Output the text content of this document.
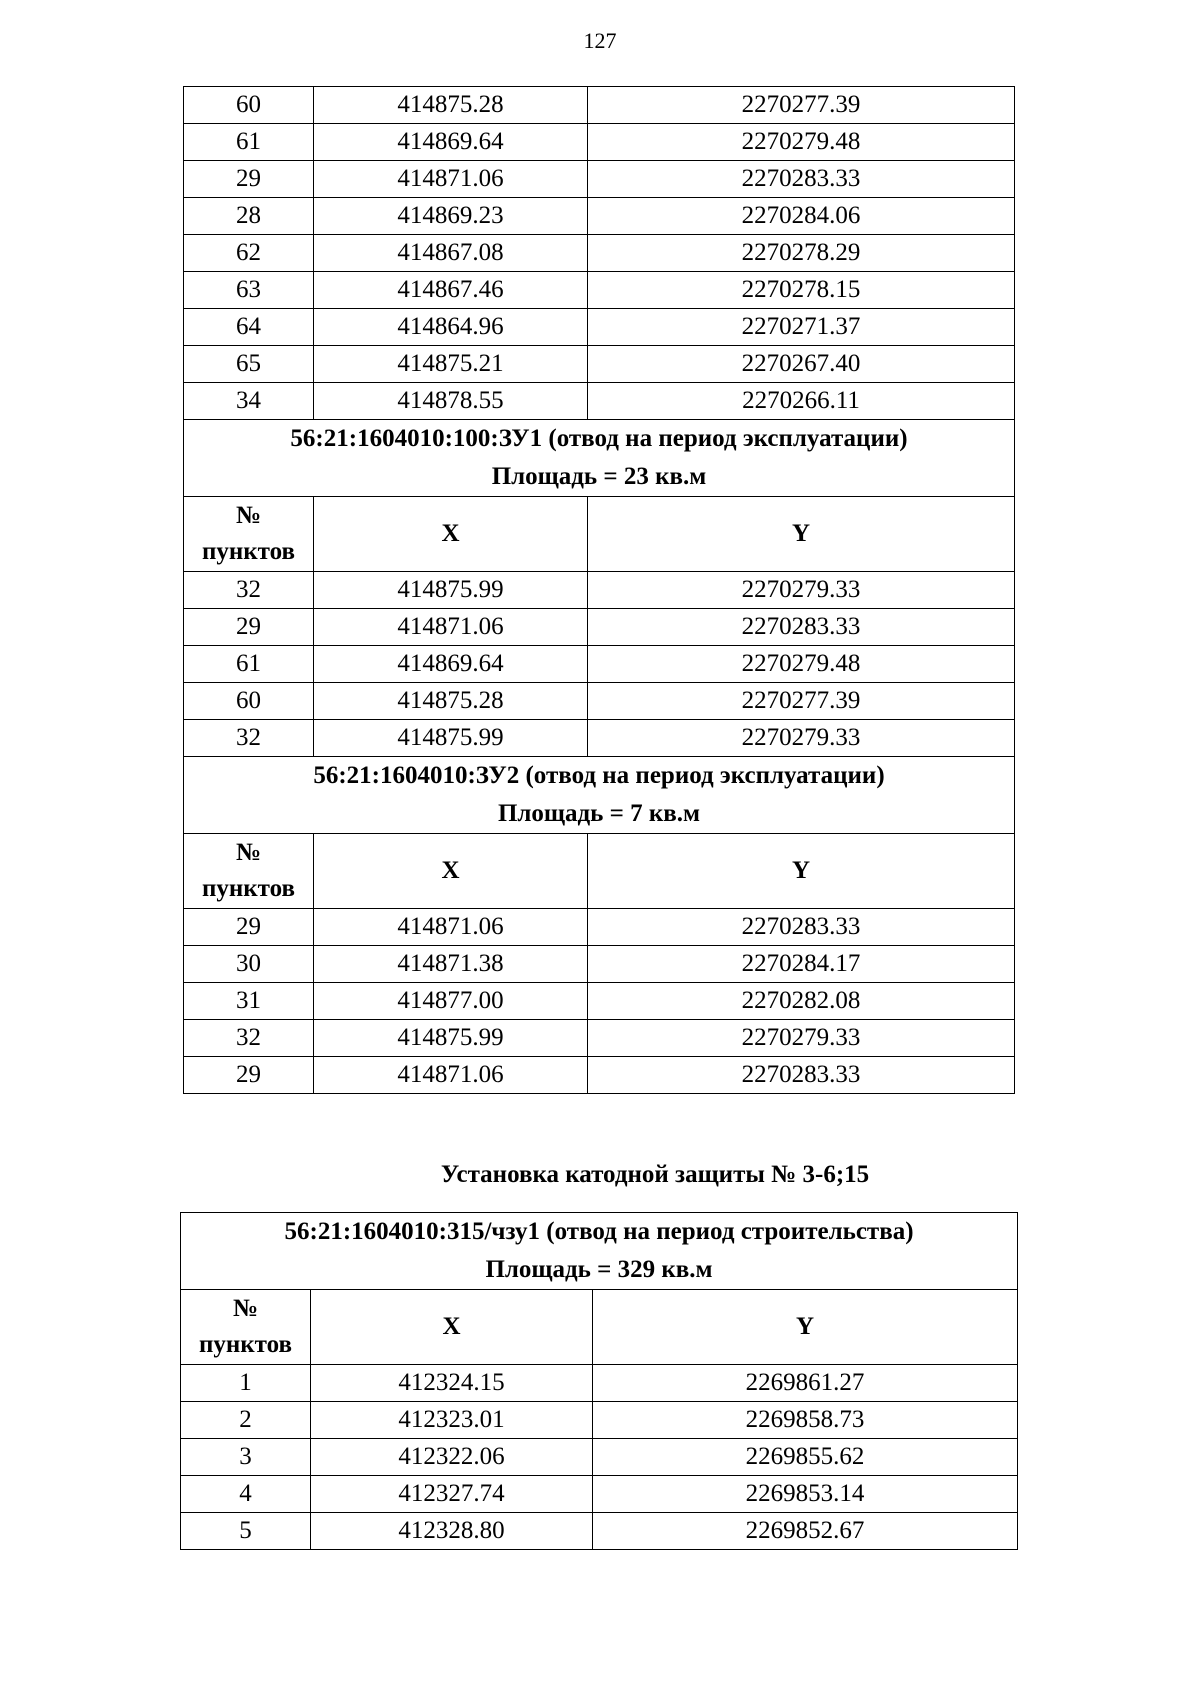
127
60	414875.28	2270277.39
61	414869.64	2270279.48
29	414871.06	2270283.33
28	414869.23	2270284.06
62	414867.08	2270278.29
63	414867.46	2270278.15
64	414864.96	2270271.37
65	414875.21	2270267.40
34	414878.55	2270266.11

56:21:1604010:100:ЗУ1 (отвод на период эксплуатации)
Площадь = 23 кв.м		

№
пунктов	X	Y
32	414875.99	2270279.33
29	414871.06	2270283.33
61	414869.64	2270279.48
60	414875.28	2270277.39
32	414875.99	2270279.33

56:21:1604010:ЗУ2 (отвод на период эксплуатации)
Площадь = 7 кв.м		

№
пунктов	X	Y
29	414871.06	2270283.33
30	414871.38	2270284.17
31	414877.00	2270282.08
32	414875.99	2270279.33
29	414871.06	2270283.33
Установка катодной защиты № 3-6;15
56:21:1604010:315/чзу1 (отвод на период строительства)
Площадь = 329 кв.м		

№
пунктов	X	Y
1	412324.15	2269861.27
2	412323.01	2269858.73
3	412322.06	2269855.62
4	412327.74	2269853.14
5	412328.80	2269852.67
